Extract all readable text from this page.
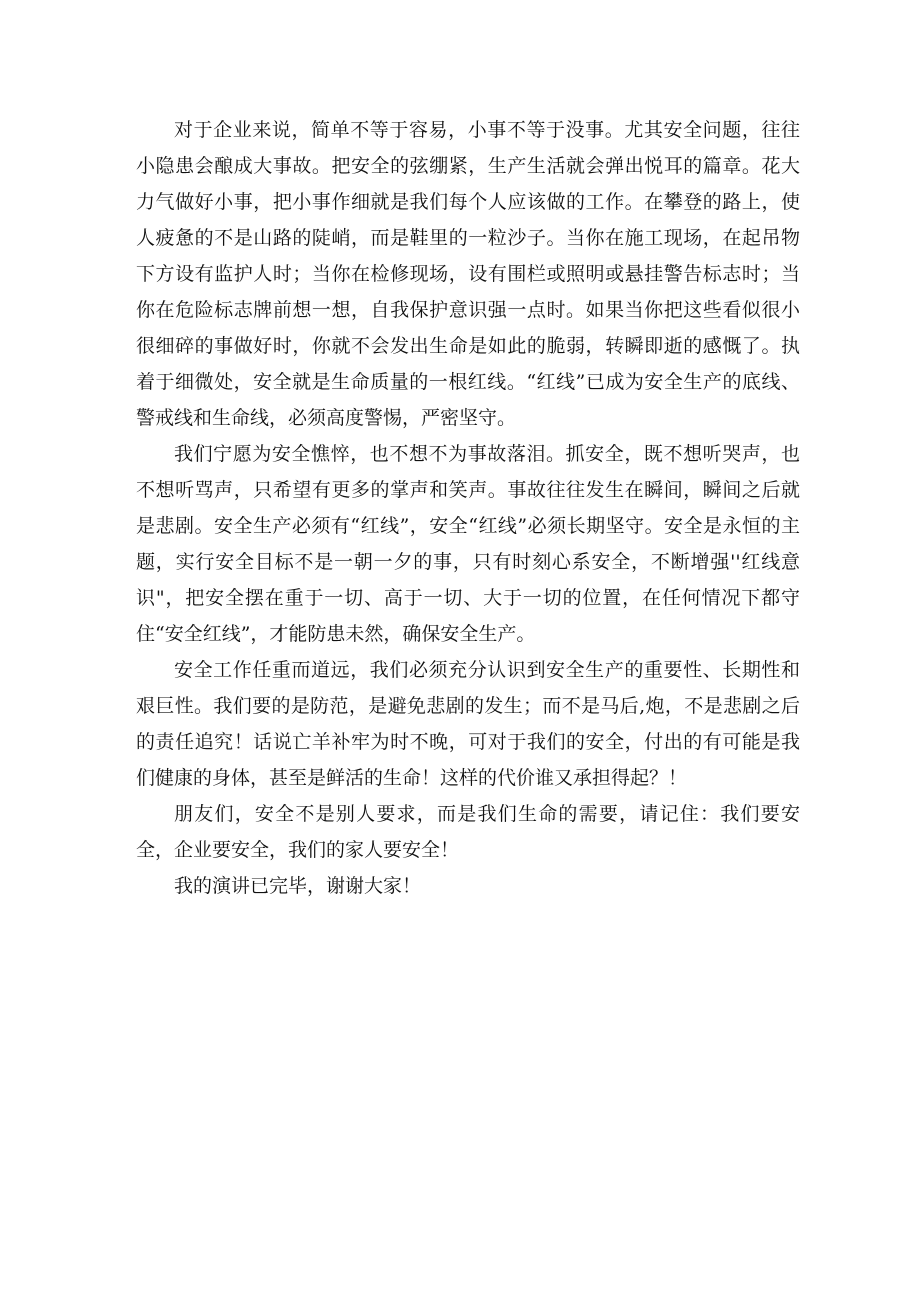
对于企业来说，简单不等于容易，小事不等于没事。尤其安全问题，往往小隐患会酿成大事故。把安全的弦绷紧，生产生活就会弹出悦耳的篇章。花大力气做好小事，把小事作细就是我们每个人应该做的工作。在攀登的路上，使人疲惫的不是山路的陡峭，而是鞋里的一粒沙子。当你在施工现场，在起吊物下方设有监护人时；当你在检修现场，设有围栏或照明或悬挂警告标志时；当你在危险标志牌前想一想，自我保护意识强一点时。如果当你把这些看似很小很细碎的事做好时，你就不会发出生命是如此的脆弱，转瞬即逝的感慨了。执着于细微处，安全就是生命质量的一根红线。“红线”已成为安全生产的底线、警戒线和生命线，必须高度警惕，严密坚守。

我们宁愿为安全憔悴，也不想不为事故落泪。抓安全，既不想听哭声，也不想听骂声，只希望有更多的掌声和笑声。事故往往发生在瞬间，瞬间之后就是悲剧。安全生产必须有“红线”，安全“红线”必须长期坚守。安全是永恒的主题，实行安全目标不是一朝一夕的事，只有时刻心系安全，不断增强''红线意识"，把安全摆在重于一切、高于一切、大于一切的位置，在任何情况下都守住“安全红线”，才能防患未然，确保安全生产。

安全工作任重而道远，我们必须充分认识到安全生产的重要性、长期性和艰巨性。我们要的是防范，是避免悲剧的发生；而不是马后,炮，不是悲剧之后的责任追究！话说亡羊补牢为时不晚，可对于我们的安全，付出的有可能是我们健康的身体，甚至是鲜活的生命！这样的代价谁又承担得起？！

朋友们，安全不是别人要求，而是我们生命的需要，请记住：我们要安全，企业要安全，我们的家人要安全！

我的演讲已完毕，谢谢大家！
